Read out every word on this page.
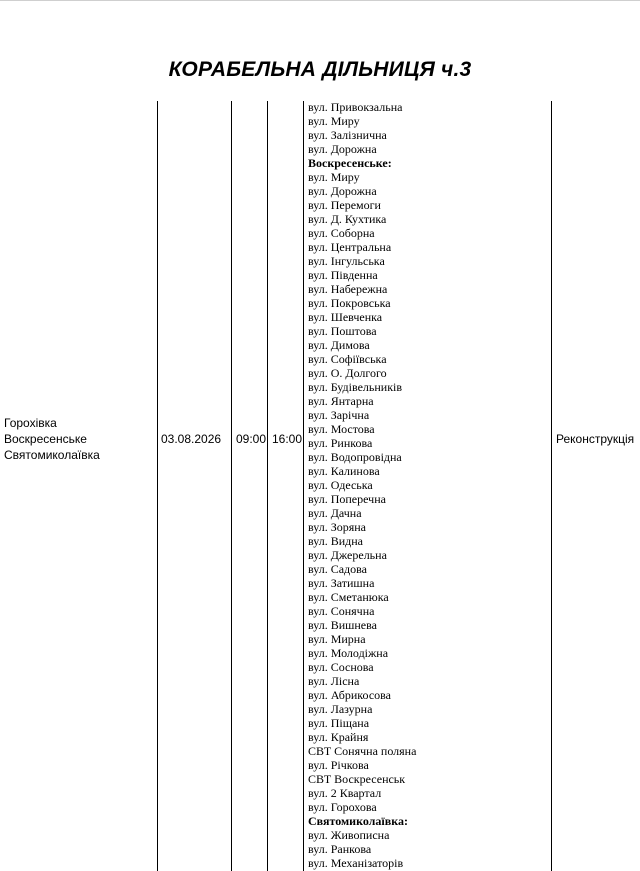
КОРАБЕЛЬНА ДІЛЬНИЦЯ ч.3
Горохівка
Воскресенське
Святомиколаївка
03.08.2026 09:00 16:00	Реконструкція
вул. Привокзальна
вул. Миру
вул. Залізнична
вул. Дорожна
Воскресенське:
вул. Миру
вул. Дорожна
вул. Перемоги
вул. Д. Кухтика
вул. Соборна
вул. Центральна
вул. Інгульська
вул. Південна
вул. Набережна
вул. Покровська
вул. Шевченка
вул. Поштова
вул. Димова
вул. Софіївська
вул. О. Долгого
вул. Будівельників
вул. Янтарна
вул. Зарічна
вул. Мостова
вул. Ринкова
вул. Водопровідна
вул. Калинова
вул. Одеська
вул. Поперечна
вул. Дачна
вул. Зоряна
вул. Видна
вул. Джерельна
вул. Садова
вул. Затишна
вул. Сметанюка
вул. Сонячна
вул. Вишнева
вул. Мирна
вул. Молодіжна
вул. Соснова
вул. Лісна
вул. Абрикосова
вул. Лазурна
вул. Піщана
вул. Крайня
СВТ Сонячна поляна
вул. Річкова
СВТ Воскресенськ
вул. 2 Квартал
вул. Горохова
Святомиколаївка:
вул. Живописна
вул. Ранкова
вул. Механізаторів
